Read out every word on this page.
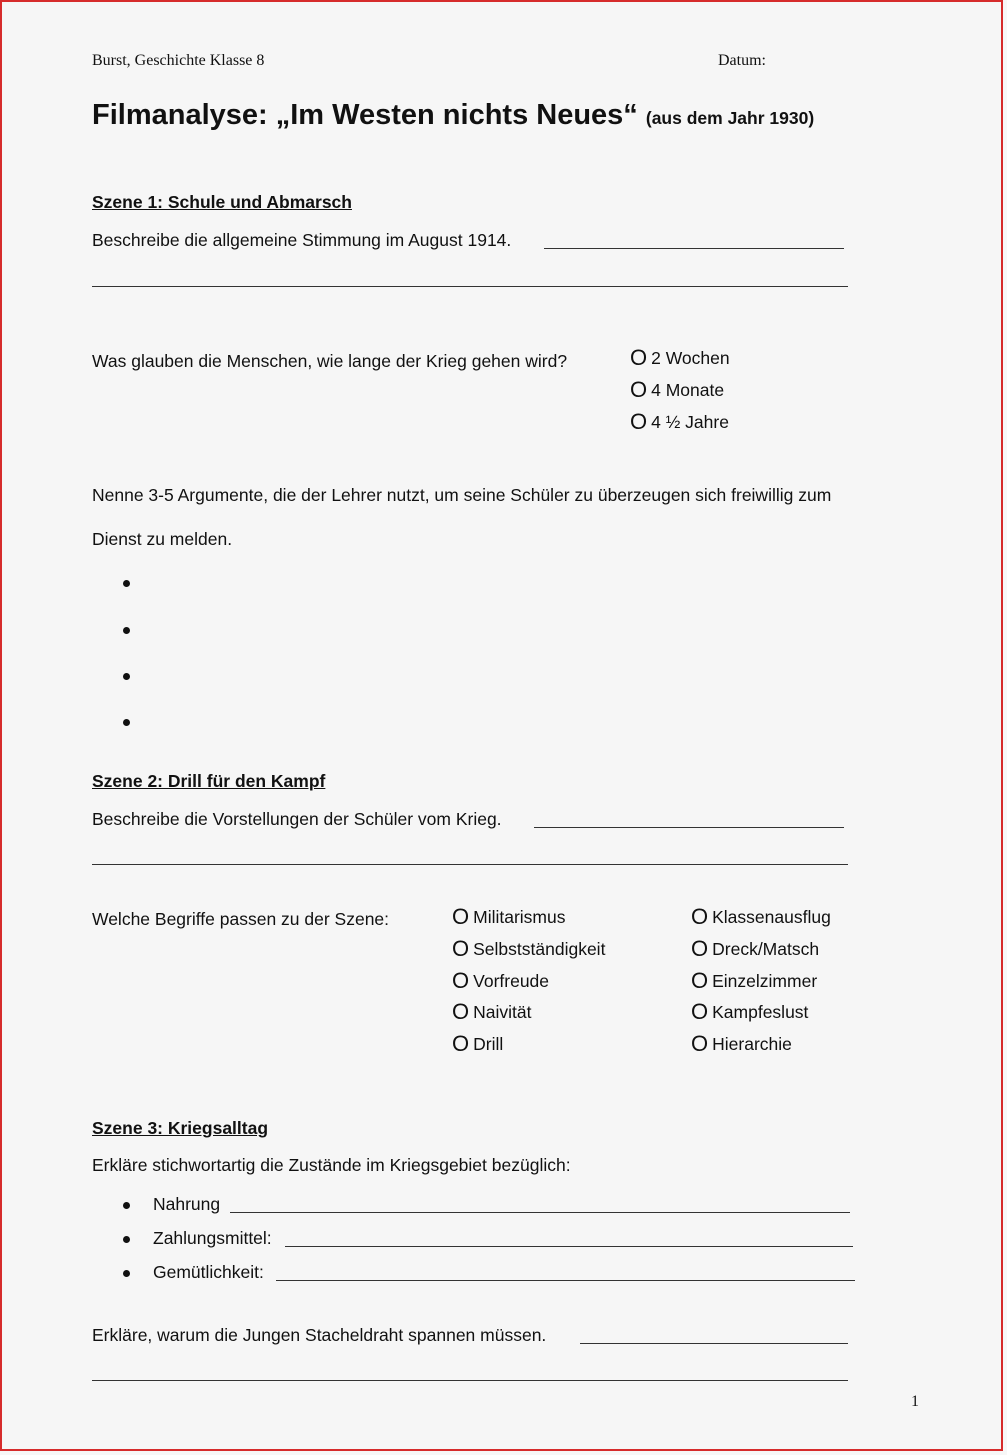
Burst, Geschichte Klasse 8	Datum:
Filmanalyse: „Im Westen nichts Neues“ (aus dem Jahr 1930)
Szene 1: Schule und Abmarsch
Beschreibe die allgemeine Stimmung im August 1914.
Was glauben die Menschen, wie lange der Krieg gehen wird?	O 2 Wochen
O 4 Monate
O 4 ½ Jahre
Nenne 3-5 Argumente, die der Lehrer nutzt, um seine Schüler zu überzeugen sich freiwillig zum
Dienst zu melden.
Szene 2: Drill für den Kampf
Beschreibe die Vorstellungen der Schüler vom Krieg.
Welche Begriffe passen zu der Szene:	O Militarismus
O Selbstständigkeit
O Vorfreude
O Naivität
O Drill
O Klassenausflug
O Dreck/Matsch
O Einzelzimmer
O Kampfeslust
O Hierarchie
Szene 3: Kriegsalltag
Erkläre stichwortartig die Zustände im Kriegsgebiet bezüglich:
Nahrung
Zahlungsmittel:
Gemütlichkeit:
Erkläre, warum die Jungen Stacheldraht spannen müssen.
1
